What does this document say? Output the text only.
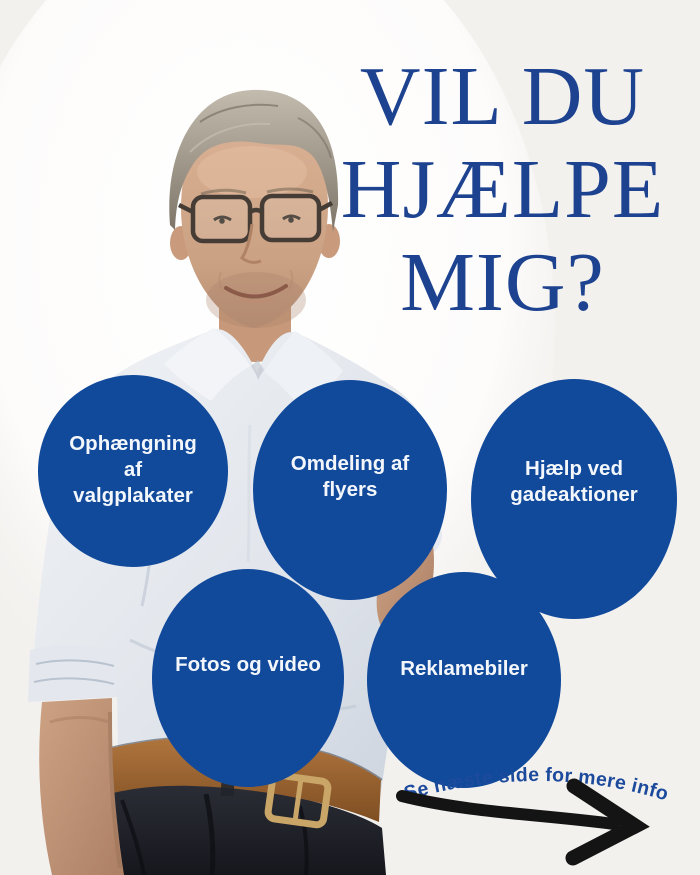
VIL DU
HJÆLPE
MIG?
Ophængning
af
valgplakater
Omdeling af
flyers
Hjælp ved
gadeaktioner
Fotos og video	Reklamebiler
Se næste side for mere info
